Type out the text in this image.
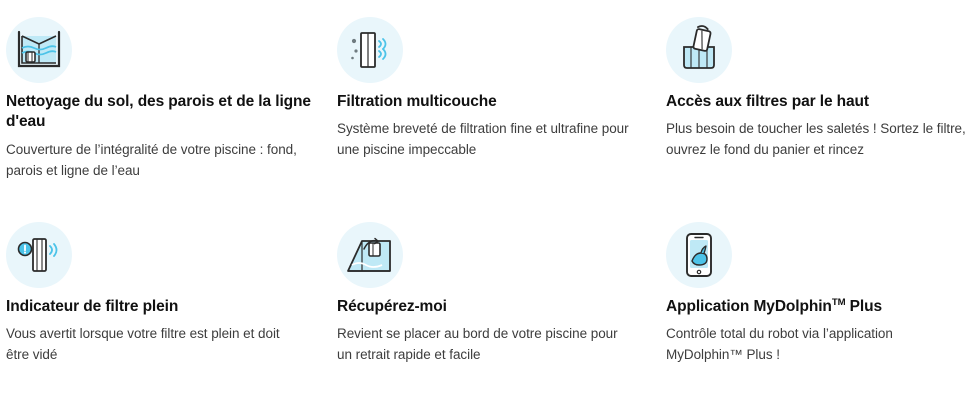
Nettoyage du sol, des parois et de la ligne d'eau

Couverture de l’intégralité de votre piscine : fond,
parois et ligne de l’eau

Filtration multicouche

Système breveté de filtration fine et ultrafine pour
une piscine impeccable

Accès aux filtres par le haut

Plus besoin de toucher les saletés ! Sortez le filtre,
ouvrez le fond du panier et rincez

Indicateur de filtre plein

Vous avertit lorsque votre filtre est plein et doit
être vidé

Récupérez-moi

Revient se placer au bord de votre piscine pour
un retrait rapide et facile

Application MyDolphin™ Plus

Contrôle total du robot via l’application
MyDolphin™ Plus !
